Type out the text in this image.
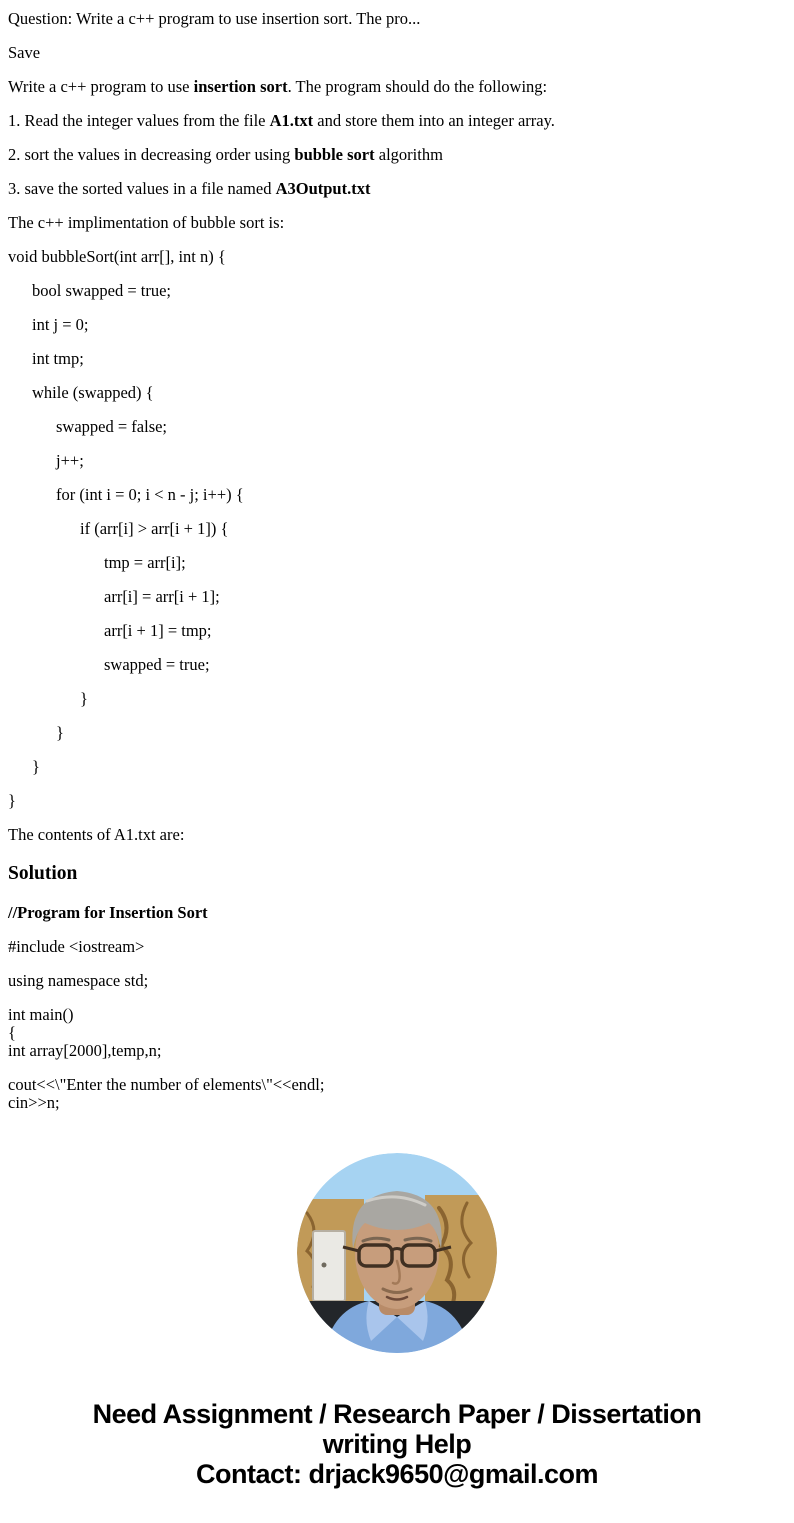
Question: Write a c++ program to use insertion sort. The pro...

Save

Write a c++ program to use insertion sort. The program should do the following:

1. Read the integer values from the file A1.txt and store them into an integer array.

2. sort the values in decreasing order using bubble sort algorithm

3. save the sorted values in a file named A3Output.txt

The c++ implimentation of bubble sort is:

void bubbleSort(int arr[], int n) {

bool swapped = true;

int j = 0;

int tmp;

while (swapped) {

swapped = false;

j++;

for (int i = 0; i < n - j; i++) {

if (arr[i] > arr[i + 1]) {

tmp = arr[i];

arr[i] = arr[i + 1];

arr[i + 1] = tmp;

swapped = true;

}

}

}

}

The contents of A1.txt are:

Solution

//Program for Insertion Sort

#include <iostream>

using namespace std;

int main()
{
int array[2000],temp,n;

cout<<\"Enter the number of elements\"<<endl;
cin>>n;

Need Assignment / Research Paper / Dissertation
writing Help
Contact: drjack9650@gmail.com
